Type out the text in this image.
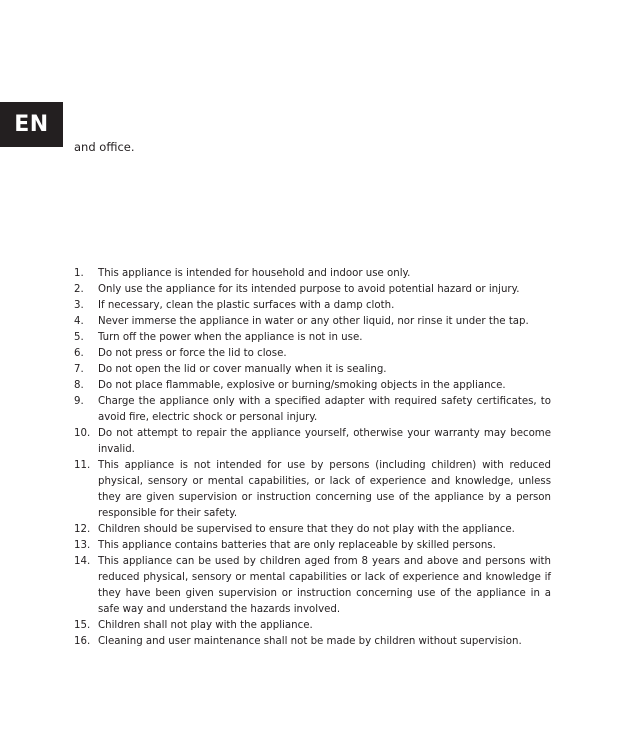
EN
and office.
1. This appliance is intended for household and indoor use only.
2. Only use the appliance for its intended purpose to avoid potential hazard or injury.
3. If necessary, clean the plastic surfaces with a damp cloth.
4. Never immerse the appliance in water or any other liquid, nor rinse it under the tap.
5. Turn off the power when the appliance is not in use.
6. Do not press or force the lid to close.
7. Do not open the lid or cover manually when it is sealing.
8. Do not place flammable, explosive or burning/smoking objects in the appliance.
9. Charge the appliance only with a specified adapter with required safety certificates, to avoid fire, electric shock or personal injury.
10. Do not attempt to repair the appliance yourself, otherwise your warranty may become invalid.
11. This appliance is not intended for use by persons (including children) with reduced physical, sensory or mental capabilities, or lack of experience and knowledge, unless they are given supervision or instruction concerning use of the appliance by a person responsible for their safety.
12. Children should be supervised to ensure that they do not play with the appliance.
13. This appliance contains batteries that are only replaceable by skilled persons.
14. This appliance can be used by children aged from 8 years and above and persons with reduced physical, sensory or mental capabilities or lack of experience and knowledge if they have been given supervision or instruction concerning use of the appliance in a safe way and understand the hazards involved.
15. Children shall not play with the appliance.
16. Cleaning and user maintenance shall not be made by children without supervision.
